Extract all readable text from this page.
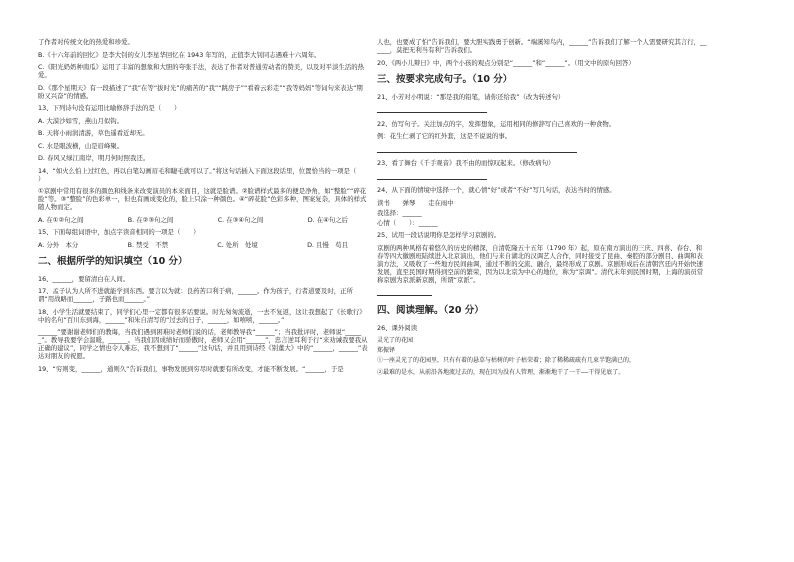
了作者对传统文化的热爱和珍爱。

B.《十六年前的回忆》是李大钊的女儿李星华回忆在 1943 年写的，正值李大钊同志遇难十六周年。

C.《阳光奶奶种南瓜》运用了丰富的想象和大胆的夸张手法，表达了作者对普通劳动者的赞美，以及对平淡生活的热爱。

D.《那个星期天》有一段描述了“我”在等“拔时光”的痛苦的“我”“跳房子”“看着云彩走”“我等妈妈”等词句来表达“期盼又兴奋”的情感。

13、下列诗句没有运用比喻修辞手法的是（　　）

A. 大漠沙如雪，燕山月似钩。

B. 天将小雨润清游，草色遥看近却无。

C. 水是眼波横，山是眉峰聚。

D. 春风又绿江南岸，明月何时照我还。

14、“如火么怕上过红色，再以白笔勾画眉毛和睫毛就可以了。”将这句话插入下面这段话里，位置恰当的一项是（　　）

①京剧中常用有很多的颜色和线条来改变演员的本来面目，这就是脸谱。②脸谱样式最多的便是净角，如“整脸”“碎花脸”等。③“整脸”的色彩单一，但也有画成变化的，脸上只涂一种颜色。④“碎花脸”色彩多种，图案复杂，具体的样式随人物而定。

A. 在①②句之间	B. 在②③句之间	C. 在③④句之间	D. 在④句之后

15、下面每组词语中，加点字读音相同的一项是（　　）

A. 分外　本分	B. 禁受　不禁	C. 处所　处境	D. 且慢　苟且
二、根据所学的知识填空（10 分）

16、______，要留清白在人间。

17、孟子认为人所不进就能学到东西。要言以为就：良药苦口利于病，______。作为孩子，行者道要及时，正所谓“用战略而______，子路也而______。”

18、小学生活就要结束了，同学们心里一定都有很多话要说。时光匆匆流逝，一去不复返，这让我想起了《长歌行》中的名句“百川东到海，______”和朱自清写的“过去的日子，______，如嘻嘻，______。”

______”要谢谢老师们的教诲，当我们遇到困难时老师们说的话，老师教导我“______”；当我批评时，老师说“______”。教导我要学会温暖，______。当我们因成绩好而骄傲时，老师又会用“______”，忠言逆耳利于行“来劝诫我要我从正确的建议”，同学之情也令人难忘，我不想到了“______”这句话，并且用到诗经《别董大》中的“______，______”表达对朋友的祝愿。

19、“穷则变，______，通则久”告诉我们，事物发展到穷尽时就要有所改变，才能不断发展。“______，于是

人也，也要成了怕”告诉我们，要大胆实践勇于创新。“端溪知鸟内，______”告诉我们了解一个人需要研究其言行，______，莫把无利当有利”告诉我们。

20、《两小儿辩日》中，两个小孩的观点分别是“______”和“______”。（用文中的原句回答）

三、按要求完成句子。（10 分）

21、小芳对小明说：“那是我的铅笔，请你还给我”（改为转述句）

22、仿写句子。关注加点的字，发挥想象，运用相同的修辞写自己喜欢的一种食物。

例：花生仁剥了它的红外套，这是不说说的事。

23、看了舞台《千手观音》我不由的而惊叹起来。（修改病句）

24、从下面的情境中选择一个，就心情“好”或者“不好”写几句话，表达当时的情感。

读书　　弹琴　　走在雨中

我选择：______

心情（　　）：______

25、试用一段话说明你是怎样学习京剧的。

京剧的两种风格有着悠久的历史的精深，自清乾隆五十五年（1790 年）起，原在南方演出的三庆、四喜、春台、和春等四大徽剧班陆续进入北京演出，他们与来自湖北的汉调艺人合作，同时接受了昆曲、秦腔的部分剧目、曲调和表演方法，又吸收了一些地方民间曲调，通过不断的交流、融合，最终形成了京剧。京剧形成后在清朝宫廷内开始快速发展，直至民国时期得到空前的繁荣，因为以北京为中心的地位，称为“京调”。清代末年到民国时期，上海的演员常称京剧为京派新京剧，所谓“京派”。

四、阅读理解。（20 分）

26、课外阅读

灵光了的花园

郑振铎

①一座灵光了的花园里，只有有着的悬草与枯树的叶子枯荣着；除了稀稀疏疏有几束半饱满已的，

②最难的是水，从前沿各地流过去的，现在因为没有人管理，渐渐地干了一干——干得见底了。
